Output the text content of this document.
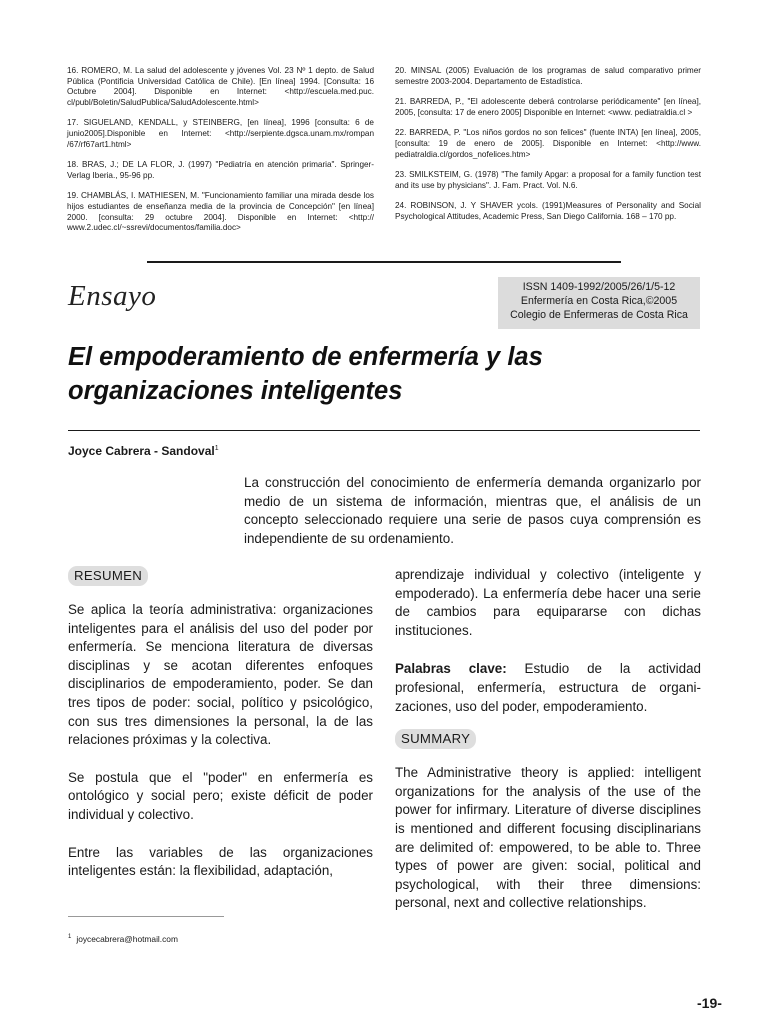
16. ROMERO, M. La salud del adolescente y jóvenes Vol. 23 Nº 1 depto. de Salud Pública (Pontificia Universidad Católica de Chile). [En línea] 1994. [Consulta: 16 Octubre 2004]. Disponible en Internet: <http://escuela.med.puc. cl/publ/Boletin/SaludPublica/SaludAdolescente.html>

17. SIGUELAND, KENDALL, y STEINBERG, [en línea], 1996 [consulta: 6 de junio2005].Disponible en Internet: <http://serpiente.dgsca.unam.mx/rompan /67/rf67art1.html>

18. BRAS, J.; DE LA FLOR, J. (1997) "Pediatría en atención primaria". Springer-Verlag Iberia., 95-96 pp.

19. CHAMBLÁS, I. MATHIESEN, M. "Funcionamiento familiar una mirada desde los hijos estudiantes de enseñanza media de la provincia de Concepción" [en línea] 2000. [consulta: 29 octubre 2004]. Disponible en Internet: <http:// www.2.udec.cl/~ssrevi/documentos/familia.doc>

20. MINSAL (2005) Evaluación de los programas de salud comparativo primer semestre 2003-2004. Departamento de Estadística.

21. BARREDA, P., "El adolescente deberá controlarse periódicamente" [en línea], 2005, [consulta: 17 de enero 2005] Disponible en Internet: <www. pediatraldia.cl >

22. BARREDA, P. "Los niños gordos no son felices" (fuente INTA) [en línea], 2005, [consulta: 19 de enero de 2005]. Disponible en Internet: <http://www. pediatraldia.cl/gordos_nofelices.htm>

23. SMILKSTEIM, G. (1978) "The family Apgar: a proposal for a family function test and its use by physicians". J. Fam. Pract. Vol. N.6.

24. ROBINSON, J. Y SHAVER ycols. (1991)Measures of Personality and Social Psychological Attitudes, Academic Press, San Diego California. 168 – 170 pp.

Ensayo	ISSN 1409-1992/2005/26/1/5-12
Enfermería en Costa Rica,©2005
Colegio de Enfermeras de Costa Rica
El empoderamiento de enfermería y las organizaciones inteligentes
Joyce Cabrera - Sandoval$^1$

La construcción del conocimiento de enfermería demanda organizarlo por medio de un sistema de información, mientras que, el análisis de un concepto seleccionado requiere una serie de pasos cuya comprensión es independiente de su ordenamiento.

RESUMEN

Se aplica la teoría administrativa: organizaciones inteligentes para el análisis del uso del poder por enfermería. Se menciona literatura de diversas disciplinas y se acotan diferentes enfoques disciplinarios de empoderamiento, poder. Se dan tres tipos de poder: social, político y psicológico, con sus tres dimensiones la personal, la de las relaciones próximas y la colectiva.

Se postula que el "poder" en enfermería es ontológico y social pero; existe déficit de poder individual y colectivo.

Entre las variables de las organizaciones inteligentes están: la flexibilidad, adaptación,

aprendizaje individual y colectivo (inteligente y empoderado). La enfermería debe hacer una serie de cambios para equipararse con dichas instituciones.

Palabras clave: Estudio de la actividad profesional, enfermería, estructura de organi-zaciones, uso del poder, empoderamiento.

SUMMARY

The Administrative theory is applied: intelligent organizations for the analysis of the use of the power for infirmary. Literature of diverse disciplines is mentioned and different focusing disciplinarians are delimited of: empowered, to be able to. Three types of power are given: social, political and psychological, with their three dimensions: personal, next and collective relationships.

$^1$ joycecabrera@hotmail.com
-19-
